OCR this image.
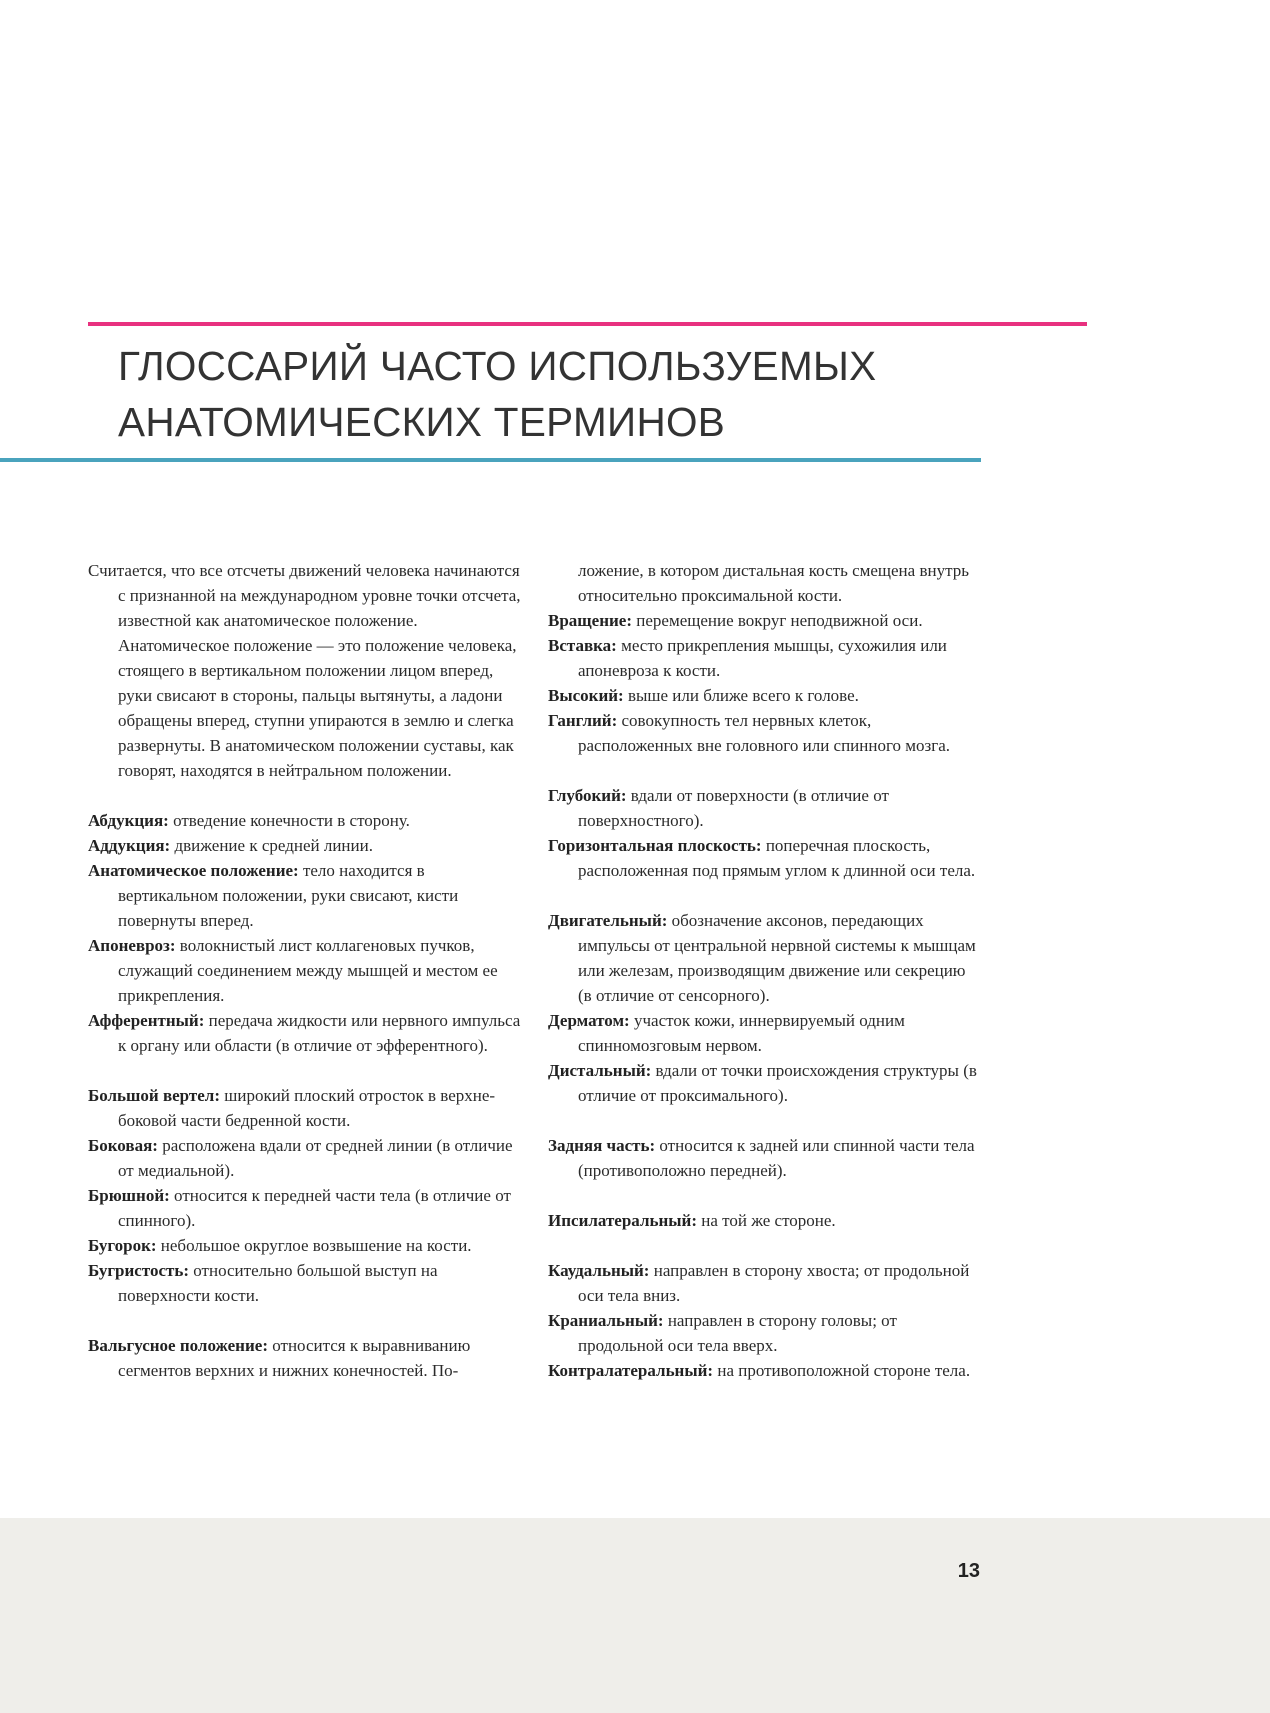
ГЛОССАРИЙ ЧАСТО ИСПОЛЬЗУЕМЫХ
АНАТОМИЧЕСКИХ ТЕРМИНОВ

Считается, что все отсчеты движений человека начинаются с признанной на международном уровне точки отсчета, известной как анатомическое положение. Анатомическое положение — это положение человека, стоящего в вертикальном положении лицом вперед, руки свисают в стороны, пальцы вытянуты, а ладони обращены вперед, ступни упираются в землю и слегка развернуты. В анатомическом положении суставы, как говорят, находятся в нейтральном положении.

Абдукция: отведение конечности в сторону.

Аддукция: движение к средней линии.

Анатомическое положение: тело находится в вертикальном положении, руки свисают, кисти повернуты вперед.

Апоневроз: волокнистый лист коллагеновых пучков, служащий соединением между мышцей и местом ее прикрепления.

Афферентный: передача жидкости или нервного импульса к органу или области (в отличие от эфферентного).

Большой вертел: широкий плоский отросток в верхне-боковой части бедренной кости.

Боковая: расположена вдали от средней линии (в отличие от медиальной).

Брюшной: относится к передней части тела (в отличие от спинного).

Бугорок: небольшое округлое возвышение на кости.

Бугристость: относительно большой выступ на поверхности кости.

Вальгусное положение: относится к выравниванию сегментов верхних и нижних конечностей. По-

ложение, в котором дистальная кость смещена внутрь относительно проксимальной кости.

Вращение: перемещение вокруг неподвижной оси.

Вставка: место прикрепления мышцы, сухожилия или апоневроза к кости.

Высокий: выше или ближе всего к голове.

Ганглий: совокупность тел нервных клеток, расположенных вне головного или спинного мозга.

Глубокий: вдали от поверхности (в отличие от поверхностного).

Горизонтальная плоскость: поперечная плоскость, расположенная под прямым углом к длинной оси тела.

Двигательный: обозначение аксонов, передающих импульсы от центральной нервной системы к мышцам или железам, производящим движение или секрецию (в отличие от сенсорного).

Дерматом: участок кожи, иннервируемый одним спинномозговым нервом.

Дистальный: вдали от точки происхождения структуры (в отличие от проксимального).

Задняя часть: относится к задней или спинной части тела (противоположно передней).

Ипсилатеральный: на той же стороне.

Каудальный: направлен в сторону хвоста; от продольной оси тела вниз.

Краниальный: направлен в сторону головы; от продольной оси тела вверх.

Контралатеральный: на противоположной стороне тела.

13
